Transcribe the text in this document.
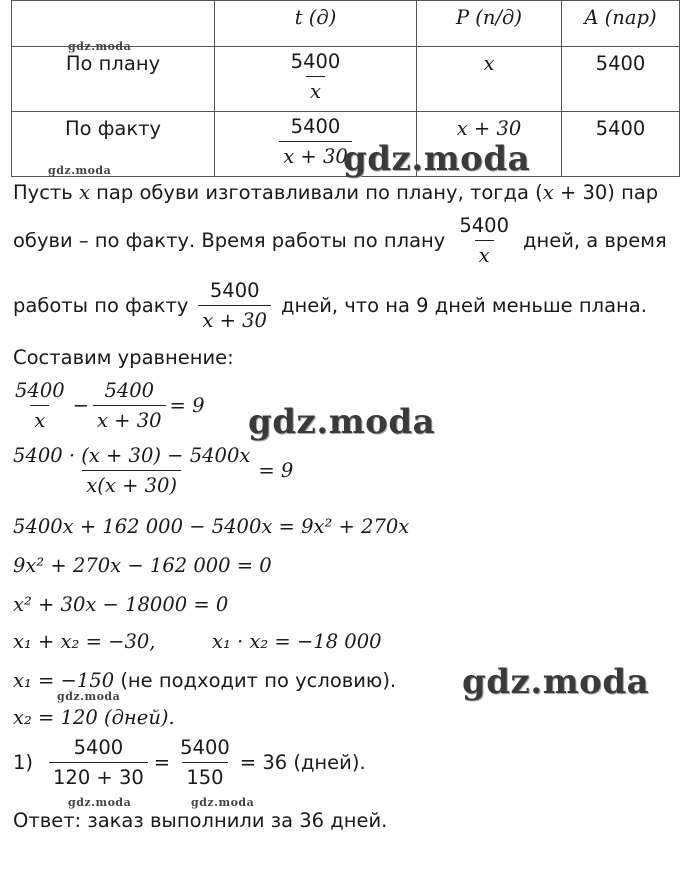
	t (д)	P (п/д)	A (пар)
По плану	$\frac{5400}{x}$	x	5400
По факту	$\frac{5400}{x + 30}$	x + 30	5400
Пусть x пар обуви изготавливали по плану, тогда (x + 30) пар
обуви – по факту. Время работы по плану $\frac{5400}{x}$ дней, а время
работы по факту $\frac{5400}{x + 30}$ дней, что на 9 дней меньше плана.
Составим уравнение:
$\frac{5400}{x} - \frac{5400}{x + 30} = 9$
$\frac{5400 \cdot (x + 30) - 5400x}{x(x + 30)} = 9$
5400x + 162 000 − 5400x = 9x² + 270x
9x² + 270x − 162 000 = 0
x² + 30x − 18000 = 0
x₁ + x₂ = −30,	x₁ · x₂ = −18 000
x₁ = −150 (не подходит по условию).
x₂ = 120 (дней).
$1) \frac{5400}{120 + 30} = \frac{5400}{150} = 36$ (дней).
Ответ: заказ выполнили за 36 дней.
gdz.moda
gdz.moda
gdz.moda
gdz.moda
gdz.moda
gdz.moda
gdz.moda	gdz.moda
